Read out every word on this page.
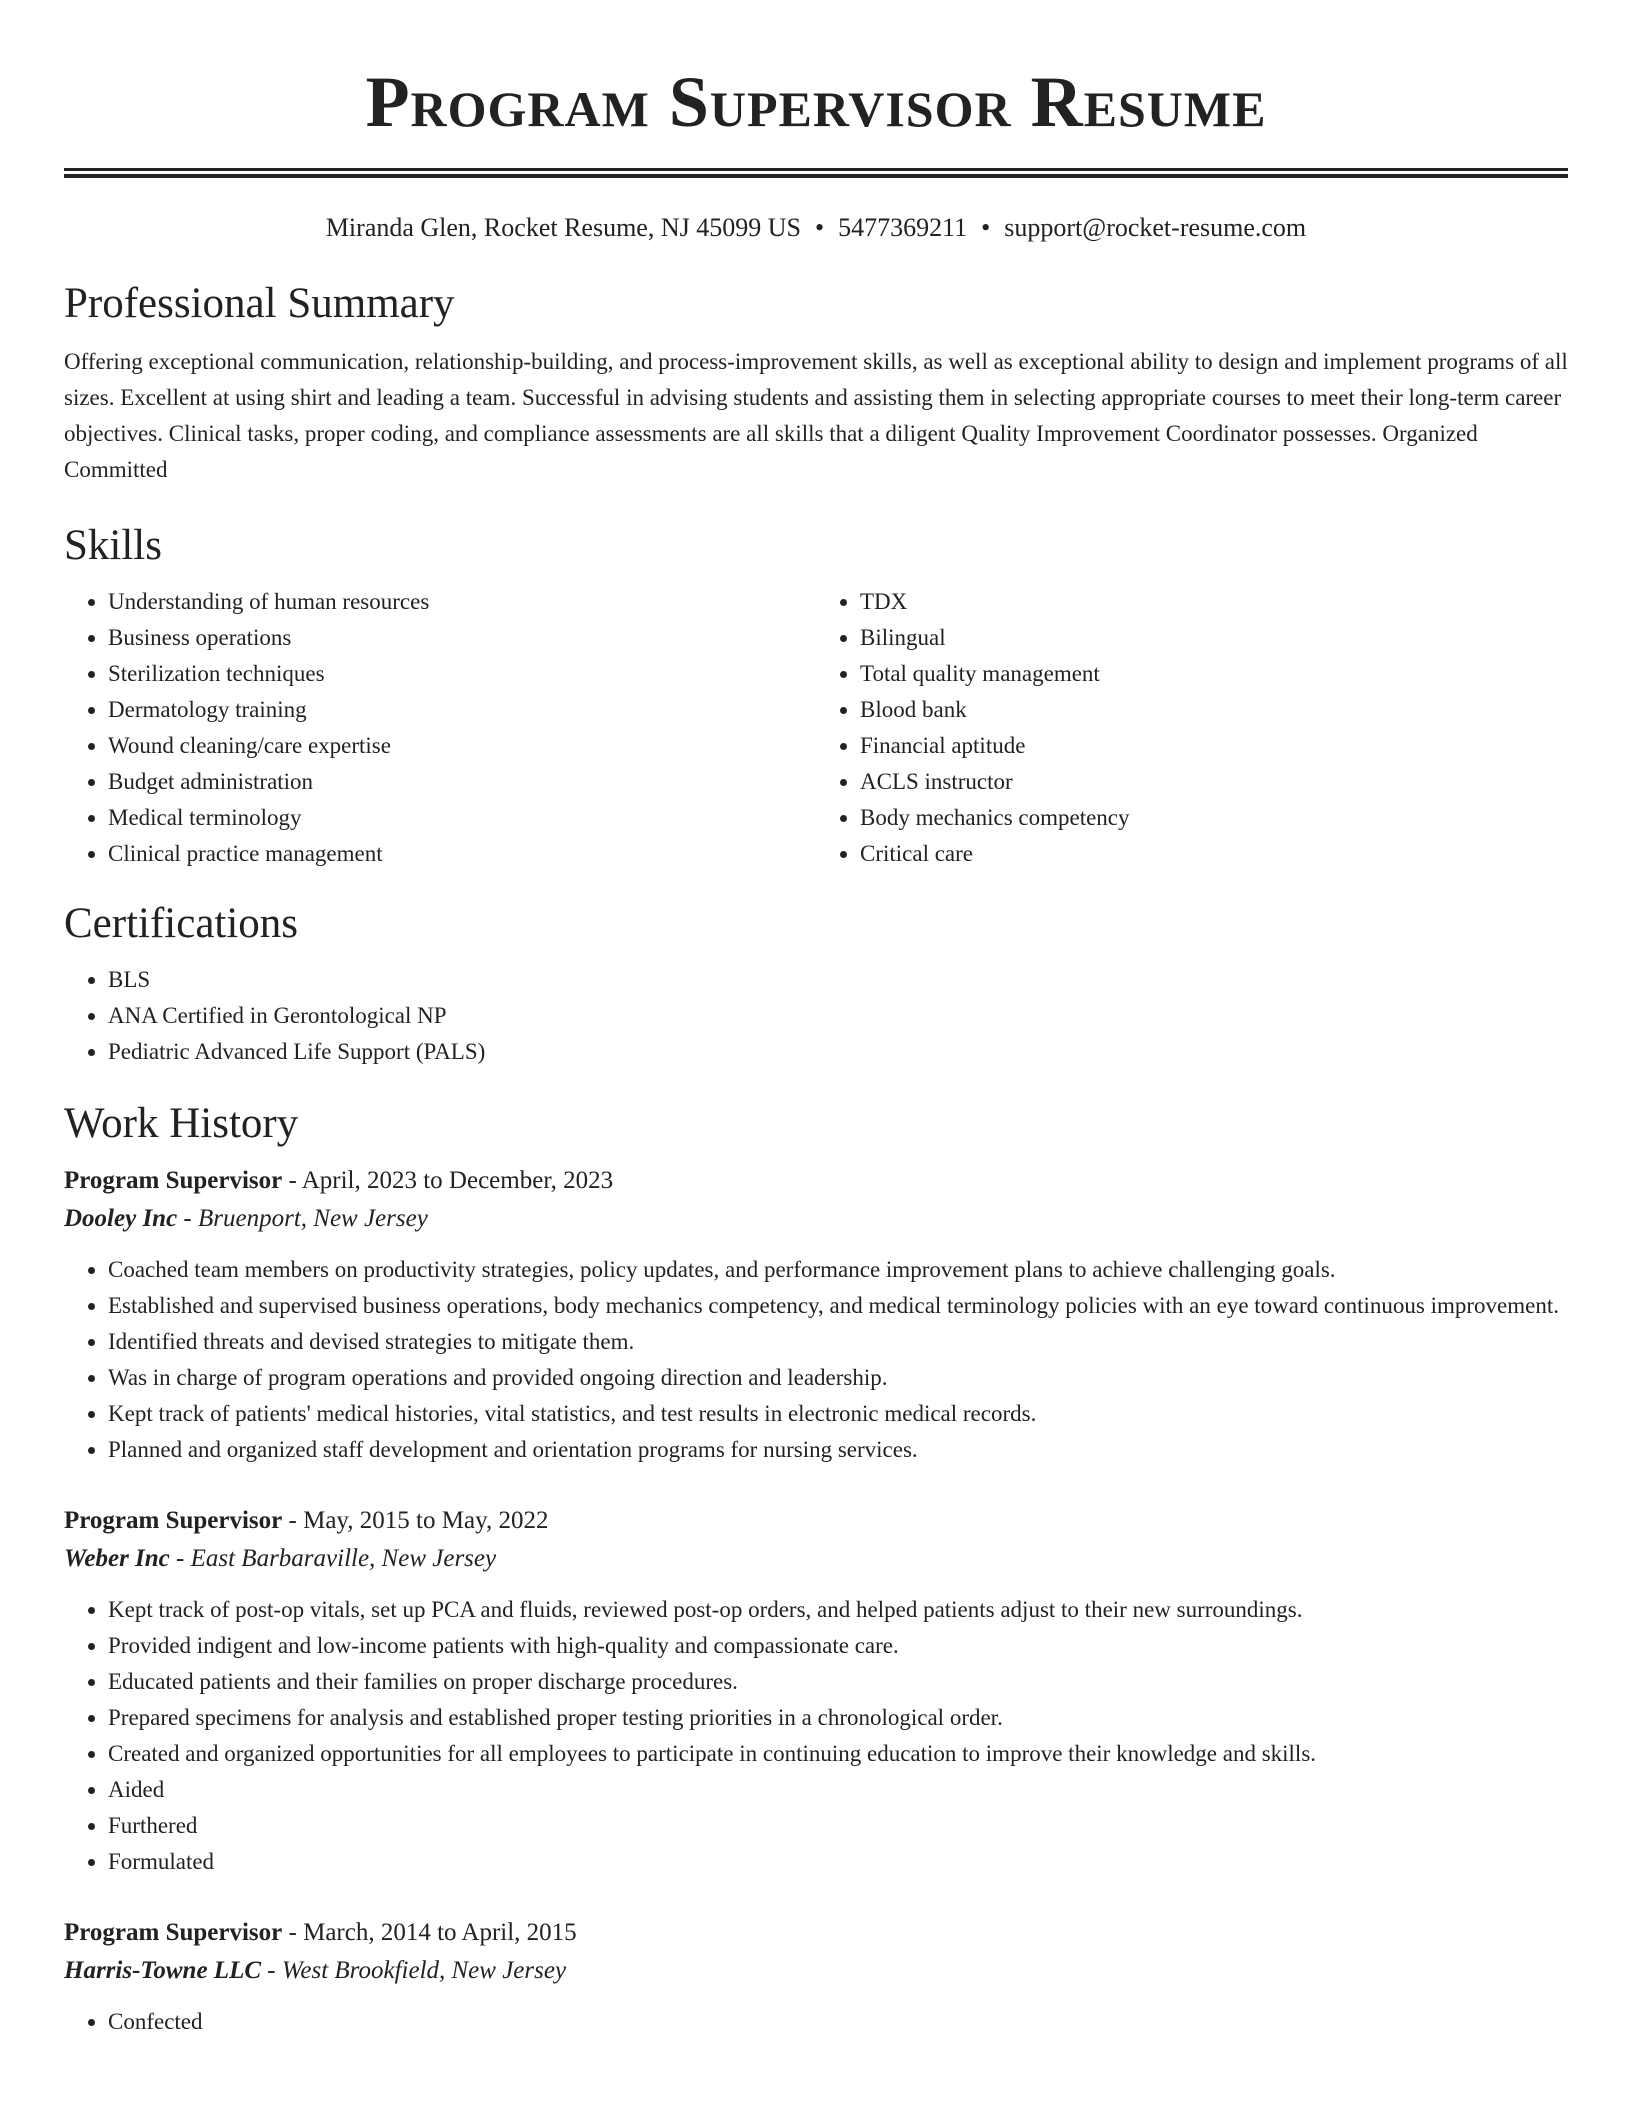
Program Supervisor Resume
Miranda Glen, Rocket Resume, NJ 45099 US • 5477369211 • support@rocket-resume.com
Professional Summary

Offering exceptional communication, relationship-building, and process-improvement skills, as well as exceptional ability to design and implement programs of all sizes. Excellent at using shirt and leading a team. Successful in advising students and assisting them in selecting appropriate courses to meet their long-term career objectives. Clinical tasks, proper coding, and compliance assessments are all skills that a diligent Quality Improvement Coordinator possesses. Organized Committed

Skills
• Understanding of human resources
• Business operations
• Sterilization techniques
• Dermatology training
• Wound cleaning/care expertise
• Budget administration
• Medical terminology
• Clinical practice management
• TDX
• Bilingual
• Total quality management
• Blood bank
• Financial aptitude
• ACLS instructor
• Body mechanics competency
• Critical care
Certifications
• BLS
• ANA Certified in Gerontological NP
• Pediatric Advanced Life Support (PALS)
Work History
Program Supervisor - April, 2023 to December, 2023
Dooley Inc - Bruenport, New Jersey
• Coached team members on productivity strategies, policy updates, and performance improvement plans to achieve challenging goals.
• Established and supervised business operations, body mechanics competency, and medical terminology policies with an eye toward continuous improvement.
• Identified threats and devised strategies to mitigate them.
• Was in charge of program operations and provided ongoing direction and leadership.
• Kept track of patients' medical histories, vital statistics, and test results in electronic medical records.
• Planned and organized staff development and orientation programs for nursing services.
Program Supervisor - May, 2015 to May, 2022
Weber Inc - East Barbaraville, New Jersey
• Kept track of post-op vitals, set up PCA and fluids, reviewed post-op orders, and helped patients adjust to their new surroundings.
• Provided indigent and low-income patients with high-quality and compassionate care.
• Educated patients and their families on proper discharge procedures.
• Prepared specimens for analysis and established proper testing priorities in a chronological order.
• Created and organized opportunities for all employees to participate in continuing education to improve their knowledge and skills.
• Aided
• Furthered
• Formulated
Program Supervisor - March, 2014 to April, 2015
Harris-Towne LLC - West Brookfield, New Jersey
• Confected
